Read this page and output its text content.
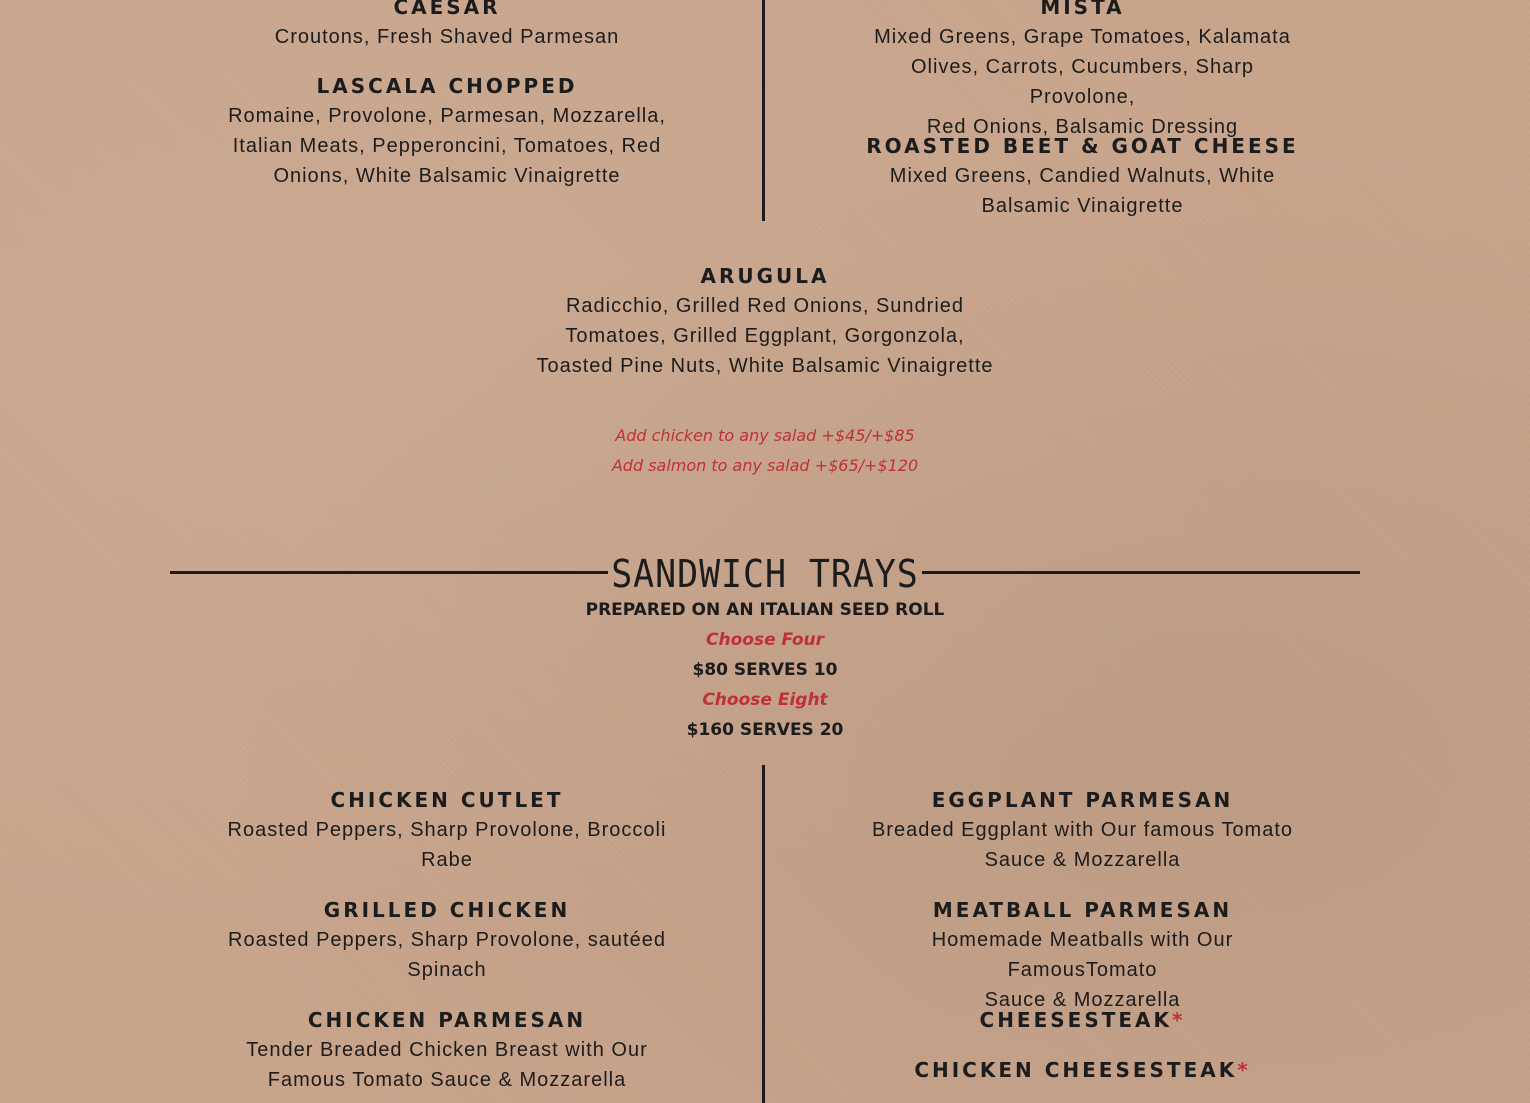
CAESAR
Croutons, Fresh Shaved Parmesan
LASCALA CHOPPED
Romaine, Provolone, Parmesan, Mozzarella,
Italian Meats, Pepperoncini, Tomatoes, Red
Onions, White Balsamic Vinaigrette
MISTA
Mixed Greens, Grape Tomatoes, Kalamata
Olives, Carrots, Cucumbers, Sharp Provolone,
Red Onions, Balsamic Dressing
ROASTED BEET & GOAT CHEESE
Mixed Greens, Candied Walnuts, White
Balsamic Vinaigrette
ARUGULA
Radicchio, Grilled Red Onions, Sundried
Tomatoes, Grilled Eggplant, Gorgonzola,
Toasted Pine Nuts, White Balsamic Vinaigrette
Add chicken to any salad +$45/+$85
Add salmon to any salad +$65/+$120
SANDWICH TRAYS
PREPARED ON AN ITALIAN SEED ROLL
Choose Four
$80 SERVES 10
Choose Eight
$160 SERVES 20
CHICKEN CUTLET
Roasted Peppers, Sharp Provolone, Broccoli
Rabe
GRILLED CHICKEN
Roasted Peppers, Sharp Provolone, sautéed
Spinach
CHICKEN PARMESAN
Tender Breaded Chicken Breast with Our
Famous Tomato Sauce & Mozzarella
EGGPLANT PARMESAN
Breaded Eggplant with Our famous Tomato
Sauce & Mozzarella
MEATBALL PARMESAN
Homemade Meatballs with Our FamousTomato
Sauce & Mozzarella
CHEESESTEAK*
CHICKEN CHEESESTEAK*
